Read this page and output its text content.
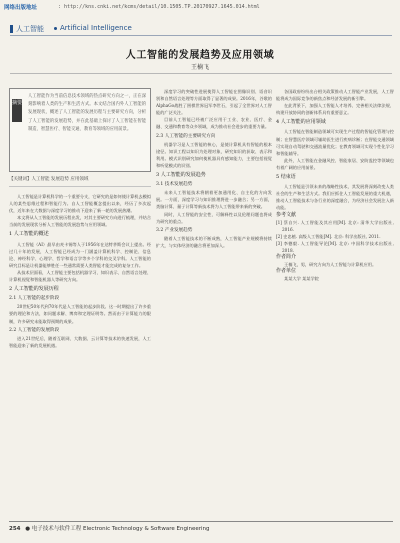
网络出版地址	: http://kns.cnki.net/kcms/detail/10.1505.TP.20170927.1645.014.html
人工智能 Artificial Intelligence
人工智能的发展趋势及应用领域
王楠飞
摘要
人工智能作为当前信息技术领域的热点研究方向之一，正在深刻影响着人类的生产和生活方式。本文结合国内外人工智能的发展现状，概述了人工智能的发展历程与主要研究方向，分析了人工智能的发展趋势，并在此基础上探讨了人工智能在智能制造、智慧医疗、智能交通、教育等领域的应用前景。
【关键词】人工智能 发展趋势 应用领域

人工智能是计算机科学的一个重要分支，它研究的是如何使计算机去模拟人的某些思维过程和智能行为。自人工智能概念提出以来，经历了多次起伏，近年来在大数据与深度学习的推动下迎来了新一轮的发展热潮。

本文将从人工智能的发展历程出发，对其主要研究方向进行梳理，并结合当前的发展现状分析人工智能的发展趋势与应用领域。

1 人工智能的概述

人工智能（AI）最早由麦卡锡等人于1956年在达特茅斯会议上提出。经过几十年的发展，人工智能已经成为一门涵盖计算机科学、控制论、信息论、神经科学、心理学、哲学和语言学等多个学科的交叉学科。人工智能的研究目标是让机器能够胜任一些通常需要人类智能才能完成的复杂工作。

从技术层面看，人工智能主要包括机器学习、知识表示、自然语言处理、计算机视觉和智能机器人等研究方向。

2 人工智能的发展历程

2.1 人工智能的起步阶段

20世纪50年代到70年代是人工智能的起步阶段。这一时期提出了许多重要的理论和方法，如问题求解、博弈和定理证明等。然而由于计算能力的限制，许多研究未能取得预期的成果。

2.2 人工智能的发展阶段

进入21世纪后，随着互联网、大数据、云计算等技术的快速发展，人工智能迎来了新的发展机遇。

深度学习的突破性进展使得人工智能在图像识别、语音识别和自然语言处理等方面取得了显著的成果。2016年，谷歌的AlphaGo战胜了围棋世界冠军李世石，引起了全世界对人工智能的广泛关注。

目前人工智能已经被广泛应用于工业、农业、医疗、金融、交通和教育等众多领域，成为推动社会进步的重要力量。

2.3 人工智能的主要研究方向

机器学习是人工智能的核心，是使计算机具有智能的根本途径。知识工程以知识为处理对象，研究知识的获取、表示和利用。模式识别研究如何使机器具有感知能力，主要包括视觉和听觉模式的识别。

3 人工智能的发展趋势

3.1 技术发展趋势

未来人工智能技术将朝着更加通用化、自主化的方向发展。一方面，深度学习与知识推理将进一步融合；另一方面，类脑计算、量子计算等新技术将为人工智能带来新的突破。

同时，人工智能的安全性、可解释性以及伦理问题也将成为研究的重点。

3.2 产业发展趋势

随着人工智能技术的不断成熟，人工智能产业规模将持续扩大，与实体经济的融合将更加深入。

各国政府纷纷出台相关政策推动人工智能产业发展，人工智能将成为国际竞争的新焦点和经济发展的新引擎。

在此背景下，加强人工智能人才培养、完善相关法律法规、构建开放协同的创新体系具有重要意义。

4 人工智能的应用领域

人工智能在智能制造领域可实现生产过程的智能化管理与控制；在智慧医疗领域可辅助医生进行疾病诊断；在智能交通领域可实现自动驾驶和交通流量优化；在教育领域可实现个性化学习和智能辅导。

此外，人工智能在金融风控、智能家居、安防监控等领域也有着广阔的应用前景。

5 结束语

人工智能是引领未来的战略性技术，其发展将深刻改变人类社会的生产和生活方式。我们应抓住人工智能发展的重大机遇，推动人工智能技术与各行业的深度融合，为经济社会发展注入新动能。

参考文献

[1] 蔡自兴. 人工智能及其应用[M]. 北京: 清华大学出版社, 2016.

[2] 史忠植. 高级人工智能[M]. 北京: 科学出版社, 2011.

[3] 李德毅. 人工智能导论[M]. 北京: 中国科学技术出版社, 2018.

作者简介

王楠飞，男，研究方向为人工智能与计算机应用。

作者单位

某某大学 某某学院

254 ● 电子技术与软件工程 Electronic Technology & Software Engineering
